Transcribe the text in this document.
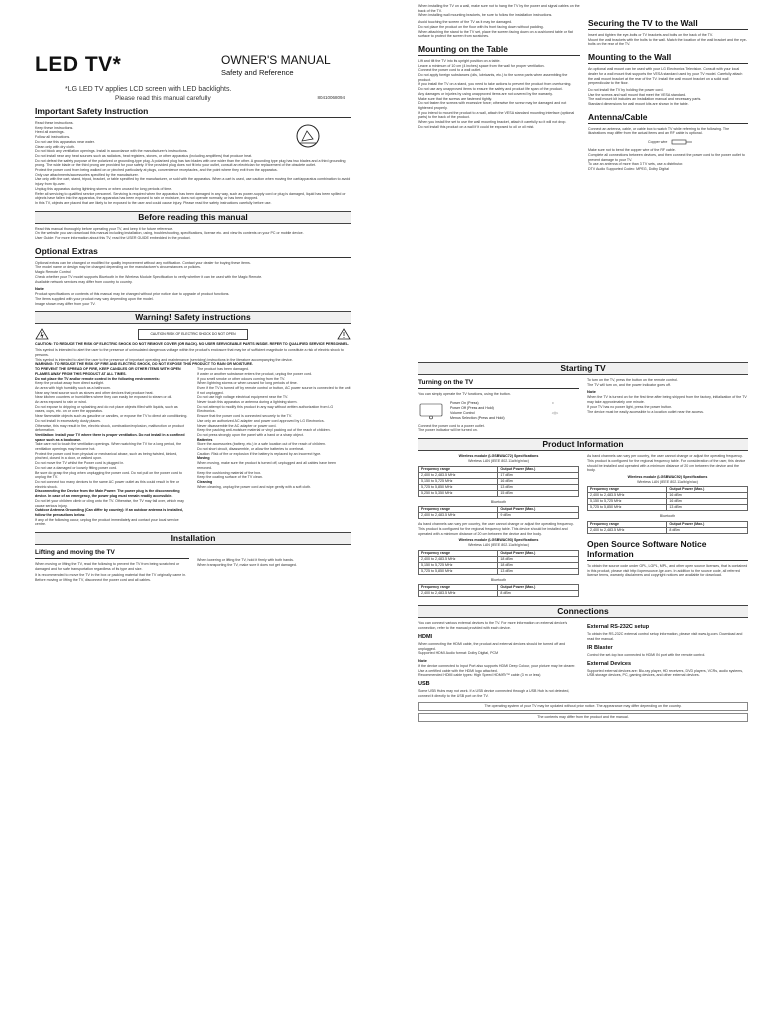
LED TV*	OWNER'S MANUAL
Safety and Reference
*LG LED TV applies LCD screen with LED backlights.
Please read this manual carefully	80410068094
Important Safety Instruction
Read these instructions.
Keep these instructions.
Heed all warnings.
Follow all instructions.
Do not use this apparatus near water.
Clean only with dry cloth.
Do not block any ventilation openings. Install in accordance with the manufacturer's instructions.
Do not install near any heat sources such as radiators, heat registers, stoves, or other apparatus (including amplifiers) that produce heat.
Do not defeat the safety purpose of the polarized or grounding-type plug. A polarized plug has two blades with one wider than the other. A grounding type plug has two blades and a third grounding prong. The wide blade or the third prong are provided for your safety. If the provided plug does not fit into your outlet, consult an electrician for replacement of the obsolete outlet.
Protect the power cord from being walked on or pinched particularly at plugs, convenience receptacles, and the point where they exit from the apparatus.
Only use attachments/accessories specified by the manufacturer.
Use only with the cart, stand, tripod, bracket, or table specified by the manufacturer, or sold with the apparatus. When a cart is used, use caution when moving the cart/apparatus combination to avoid injury from tip-over.
Unplug this apparatus during lightning storms or when unused for long periods of time.
Refer all servicing to qualified service personnel. Servicing is required when the apparatus has been damaged in any way, such as power-supply cord or plug is damaged, liquid has been spilled or objects have fallen into the apparatus, the apparatus has been exposed to rain or moisture, does not operate normally, or has been dropped.
In this TV, objects are placed that are likely to be exposed to the user and could cause injury. Please read the safety instructions carefully before use.
Before reading this manual
Read this manual thoroughly before operating your TV, and keep it for future reference.
On the website you can download this manual including installation, using, troubleshooting, specifications, license etc. and view its contents on your PC or mobile device.
User Guide: For more information about this TV, read the USER GUIDE embedded in the product.
Optional Extras
Optional extras can be changed or modified for quality improvement without any notification. Contact your dealer for buying these items.
The model name or design may be changed depending on the manufacturer's circumstances or policies.
Magic Remote Control
Check whether your TV model supports Bluetooth in the Wireless Module Specification to verify whether it can be used with the Magic Remote.
Available network services may differ from country to country.
Note
Product specifications or contents of this manual may be changed without prior notice due to upgrade of product functions.
The items supplied with your product may vary depending upon the model.
Image shown may differ from your TV.
Warning! Safety instructions
CAUTION RISK OF ELECTRIC SHOCK DO NOT OPEN
CAUTION: TO REDUCE THE RISK OF ELECTRIC SHOCK DO NOT REMOVE COVER (OR BACK). NO USER SERVICEABLE PARTS INSIDE. REFER TO QUALIFIED SERVICE PERSONNEL.
This symbol is intended to alert the user to the presence of uninsulated dangerous voltage within the product's enclosure that may be of sufficient magnitude to constitute a risk of electric shock to persons.
This symbol is intended to alert the user to the presence of important operating and maintenance (servicing) instructions in the literature accompanying the device.
WARNING: TO REDUCE THE RISK OF FIRE AND ELECTRIC SHOCK, DO NOT EXPOSE THIS PRODUCT TO RAIN OR MOISTURE.
TO PREVENT THE SPREAD OF FIRE, KEEP CANDLES OR OTHER ITEMS WITH OPEN FLAMES AWAY FROM THIS PRODUCT AT ALL TIMES.
Do not place the TV and/or remote control in the following environments:
Keep the product away from direct sunlight.
An area with high humidity such as a bathroom.
Near any heat source such as stoves and other devices that produce heat.
Near kitchen counters or humidifiers where they can easily be exposed to steam or oil.
An area exposed to rain or wind.
Do not expose to dripping or splashing and do not place objects filled with liquids, such as vases, cups, etc. on or over the apparatus.
Near flammable objects such as gasoline or candles, or expose the TV to direct air conditioning.
Do not install in excessively dusty places.
Otherwise, this may result in fire, electric shock, combustion/explosion, malfunction or product deformation.
Ventilation: Install your TV where there is proper ventilation. Do not install in a confined space such as a bookcase.
Take care not to touch the ventilation openings. When watching the TV for a long period, the ventilation openings may become hot.
Protect the power cord from physical or mechanical abuse, such as being twisted, kinked, pinched, closed in a door, or walked upon.
Do not move the TV whilst the Power cord is plugged in.
Do not use a damaged or loosely fitting power cord.
Be sure do grasp the plug when unplugging the power cord. Do not pull on the power cord to unplug the TV.
Do not connect too many devices to the same AC power outlet as this could result in fire or electric shock.
Disconnecting the Device from the Main Power: The power plug is the disconnecting device. In case of an emergency, the power plug must remain readily accessible.
Do not let your children climb or cling onto the TV. Otherwise, the TV may fall over, which may cause serious injury.
Outdoor Antenna Grounding (Can differ by country): If an outdoor antenna is installed, follow the precautions below.
If any of the following occur, unplug the product immediately and contact your local service centre.
The product has been damaged.
If water or another substance enters the product, unplug the power cord.
If you smell smoke or other odours coming from the TV.
When lightning storms or when unused for long periods of time.
Even if the TV is turned off by remote control or button, AC power source is connected to the unit if not unplugged.
Do not use high voltage electrical equipment near the TV.
Never touch this apparatus or antenna during a lightning storm.
Do not attempt to modify this product in any way without written authorization from LG Electronics.
Ensure that the power cord is connected securely to the TV.
Use only an authorized AC adapter and power cord approved by LG Electronics.
Never disassemble the AC adapter or power cord.
Keep the packing anti-moisture material or vinyl packing out of the reach of children.
Do not press strongly upon the panel with a hand or a sharp object.
Batteries
Store the accessories (battery, etc.) in a safe location out of the reach of children.
Do not short circuit, disassemble, or allow the batteries to overheat.
Caution: Risk of fire or explosion if the battery is replaced by an incorrect type.
Moving
When moving, make sure the product is turned off, unplugged and all cables have been removed.
Keep the cushioning material of the box.
Keep the coating surface of the TV clean.
Cleaning
When cleaning, unplug the power cord and wipe gently with a soft cloth.
Installation
Lifting and moving the TV
When moving or lifting the TV, read the following to prevent the TV from being scratched or damaged and for safe transportation regardless of its type and size.
It is recommended to move the TV in the box or packing material that the TV originally came in.
Before moving or lifting the TV, disconnect the power cord and all cables.
When lowering or lifting the TV, hold it firmly with both hands.
When transporting the TV, make sure it does not get damaged.
When installing the TV on a wall, make sure not to hang the TV by the power and signal cables on the back of the TV.
When installing wall mounting brackets, be sure to follow the installation instructions.
Avoid touching the screen of the TV as it may be damaged.
Do not place the product on the floor with its front facing down without padding.
When attaching the stand to the TV set, place the screen facing down on a cushioned table or flat surface to protect the screen from scratches.
Mounting on the Table
Lift and tilt the TV into its upright position on a table.
Leave a minimum of 10 cm (4 inches) space from the wall for proper ventilation.
Connect the power cord to a wall outlet.
Do not apply foreign substances (oils, lubricants, etc.) to the screw parts when assembling the product.
If you install the TV on a stand, you need to take actions to prevent the product from overturning.
Do not use any unapproved items to ensure the safety and product life span of the product.
Any damages or injuries by using unapproved items are not covered by the warranty.
Make sure that the screws are fastened tightly.
Do not fasten the screws with excessive force; otherwise the screw may be damaged and not tightened properly.
If you intend to mount the product to a wall, attach the VESA standard mounting interface (optional parts) to the back of the product.
When you install the set to use the wall mounting bracket, attach it carefully so it will not drop.
Do not install this product on a wall if it could be exposed to oil or oil mist.
Securing the TV to the Wall
Insert and tighten the eye-bolts or TV brackets and bolts on the back of the TV.
Mount the wall brackets with the bolts to the wall. Match the location of the wall bracket and the eye-bolts on the rear of the TV.
Mounting to the Wall
An optional wall mount can be used with your LG Electronics Television. Consult with your local dealer for a wall mount that supports the VESA standard used by your TV model. Carefully attach the wall mount bracket at the rear of the TV. Install the wall mount bracket on a solid wall perpendicular to the floor.
Do not install the TV by holding the power cord.
Use the screws and wall mount that meet the VESA standard.
The wall mount kit includes an installation manual and necessary parts.
Standard dimensions for wall mount kits are shown in the table.
Antenna/Cable
Connect an antenna, cable, or cable box to watch TV while referring to the following. The illustrations may differ from the actual items and an RF cable is optional.
Copper wire
Make sure not to bend the copper wire of the RF cable.
Complete all connections between devices, and then connect the power cord to the power outlet to prevent damage to your TV.
To use an antenna of more than 3 TV sets, use a distributor.
DTV Audio Supported Codec: MPEG, Dolby Digital
Starting TV
Turning on the TV
You can simply operate the TV functions, using the button.
Power On (Press)	○
Power Off (Press and Hold)	
Volume Control	◁ ▷
Menus Selection (Press and Hold)	
Connect the power cord to a power outlet.
The power indicator will be turned on.
To turn on the TV, press the button on the remote control.
The TV will turn on, and the power indicator goes off.
Note
When the TV is turned on for the first time after being shipped from the factory, initialization of the TV may take approximately one minute.
If your TV has no power light, press the power button.
The device must be easily accessible to a location outlet near the access.
Product Information
Wireless module (LGSBWAC72) Specifications
Wireless LAN (IEEE 802.11a/b/g/n/ac)
Frequency range	Output Power (Max.)
2,400 to 2,483.5 MHz	17 dBm
5,150 to 5,725 MHz	16 dBm
5,725 to 5,850 MHz	13 dBm
5,250 to 5,350 MHz	15 dBm
Bluetooth
Frequency range	Output Power (Max.)
2,400 to 2,483.5 MHz	9 dBm
As band channels can vary per country, the user cannot change or adjust the operating frequency. This product is configured for the regional frequency table. This device should be installed and operated with a minimum distance of 20 cm between the device and the body.
Wireless module (LGSBWAC93) Specifications
Wireless LAN (IEEE 802.11a/b/g/n/ac)
Frequency range	Output Power (Max.)
2,400 to 2,483.5 MHz	18 dBm
5,150 to 5,725 MHz	18 dBm
5,725 to 5,850 MHz	13 dBm
Bluetooth
Frequency range	Output Power (Max.)
2,400 to 2,483.5 MHz	8 dBm
As band channels can vary per country, the user cannot change or adjust the operating frequency. This product is configured for the regional frequency table. For consideration of the user, this device should be installed and operated with a minimum distance of 20 cm between the device and the body.
Wireless module (LGSBWAC92) Specifications
Wireless LAN (IEEE 802.11a/b/g/n/ac)
Frequency range	Output Power (Max.)
2,400 to 2,483.5 MHz	16 dBm
5,150 to 5,725 MHz	16 dBm
5,725 to 5,850 MHz	13 dBm
Bluetooth
Frequency range	Output Power (Max.)
2,400 to 2,483.5 MHz	8 dBm
Open Source Software Notice Information
To obtain the source code under GPL, LGPL, MPL, and other open source licenses, that is contained in this product, please visit http://opensource.lge.com. In addition to the source code, all referred license terms, warranty disclaimers and copyright notices are available for download.
Connections
You can connect various external devices to the TV. For more information on external device's connection, refer to the manual provided with each device.
HDMI
When connecting the HDMI cable, the product and external devices should be turned off and unplugged.
Supported HDMI Audio format: Dolby Digital, PCM
Note
If the device connected to Input Port also supports HDMI Deep Colour, your picture may be clearer.
Use a certified cable with the HDMI logo attached.
Recommended HDMI cable types: High Speed HDMI®/™ cable (3 m or less)
USB
Some USB Hubs may not work. If a USB device connected through a USB Hub is not detected, connect it directly to the USB port on the TV.
External RS-232C setup
To obtain the RS-232C external control setup information, please visit www.lg.com. Download and read the manual.
IR Blaster
Control the set-top box connected to HDMI IN port with the remote control.
External Devices
Supported external devices are: Blu-ray player, HD receivers, DVD players, VCRs, audio systems, USB storage devices, PC, gaming devices, and other external devices.
The operating system of your TV may be updated without prior notice. The appearance may differ depending on the country.
The contents may differ from the product and the manual.
